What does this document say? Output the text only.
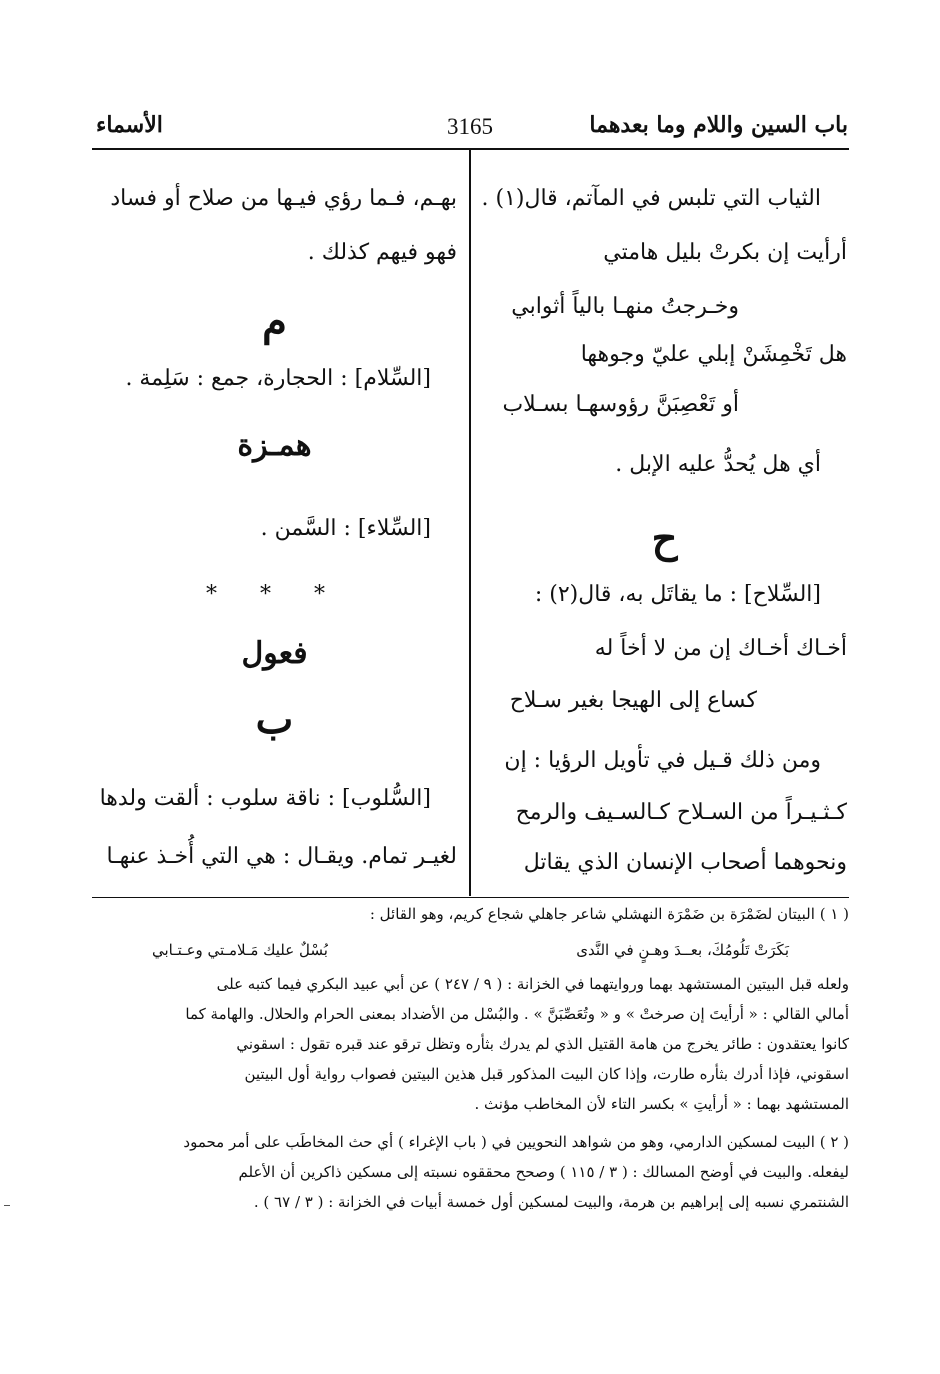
باب السين واللام وما بعدهما
3165
الأسماء
الثياب التي تلبس في المآتم، قال(١) .
أرأيت إن بكرتْ بليل هامتي
وخـرجتُ منهـا بالياً أثوابي
هل تَخْمِشَنْ إبلي عليّ وجوهها
أو تَعْصِبَنَّ رؤوسهـا بسـلاب
أي هل يُحدُّ عليه الإبل .
ح
[السِّلاح] : ما يقاتَل به، قال(٢) :
أخـاك أخـاك إن من لا أخاً له
كساع إلى الهيجا بغير سـلاح
ومن ذلك قـيل في تأويل الرؤيا : إن
كـثـيـراً من السـلاح كـالسـيف والرمح
ونحوهما أصحاب الإنسان الذي يقاتل
بهـم، فـما رؤي فيـها من صلاح أو فساد
فهو فيهم كذلك .
م
[السِّلام] : الحجارة، جمع : سَلِمة .
همـزة
[السِّلاء] : السَّمن .
* * *
فعول
ب
[السُّلوب] : ناقة سلوب : ألقت ولدها
لغيـر تمام. ويقـال : هي التي أُخـذ عنهـا
( ١ ) البيتان لضَمْرَة بن ضَمْرَة النهشلي شاعر جاهلي شجاع كريم، وهو القائل :
بَكَرَتْ تَلُومُكَ، بعــدَ وهـنٍ في النَّدى
بُسْلٌ عليك مَـلامـتي وعـتـابي
ولعله قبل البيتين المستشهد بهما وروايتهما في الخزانة : ( ٩ / ٢٤٧ ) عن أبي عبيد البكري فيما كتبه على
أمالي القالي : « أرأيتَ إن صرختْ » و « وتُعَصِّبَنَّ » . والبُسْل من الأضداد بمعنى الحرام والحلال. والهامة كما
كانوا يعتقدون : طائر يخرج من هامة القتيل الذي لم يدرك بثأره وتظل ترقو عند قبره تقول : اسقوني
اسقوني، فإذا أدرك بثأره طارت، وإذا كان البيت المذكور قبل هذين البيتين فصواب رواية أول البيتين
المستشهد بهما : « أرأيتِ » بكسر التاء لأن المخاطب مؤنث .
( ٢ ) البيت لمسكين الدارمي، وهو من شواهد النحويين في ( باب الإغراء ) أي حث المخاطَب على أمر محمود
ليفعله. والبيت في أوضح المسالك : ( ٣ / ١١٥ ) وصحح محققوه نسبته إلى مسكين ذاكرين أن الأعلم
الشنتمري نسبه إلى إبراهيم بن هرمة، والبيت لمسكين أول خمسة أبيات في الخزانة : ( ٣ / ٦٧ ) .
